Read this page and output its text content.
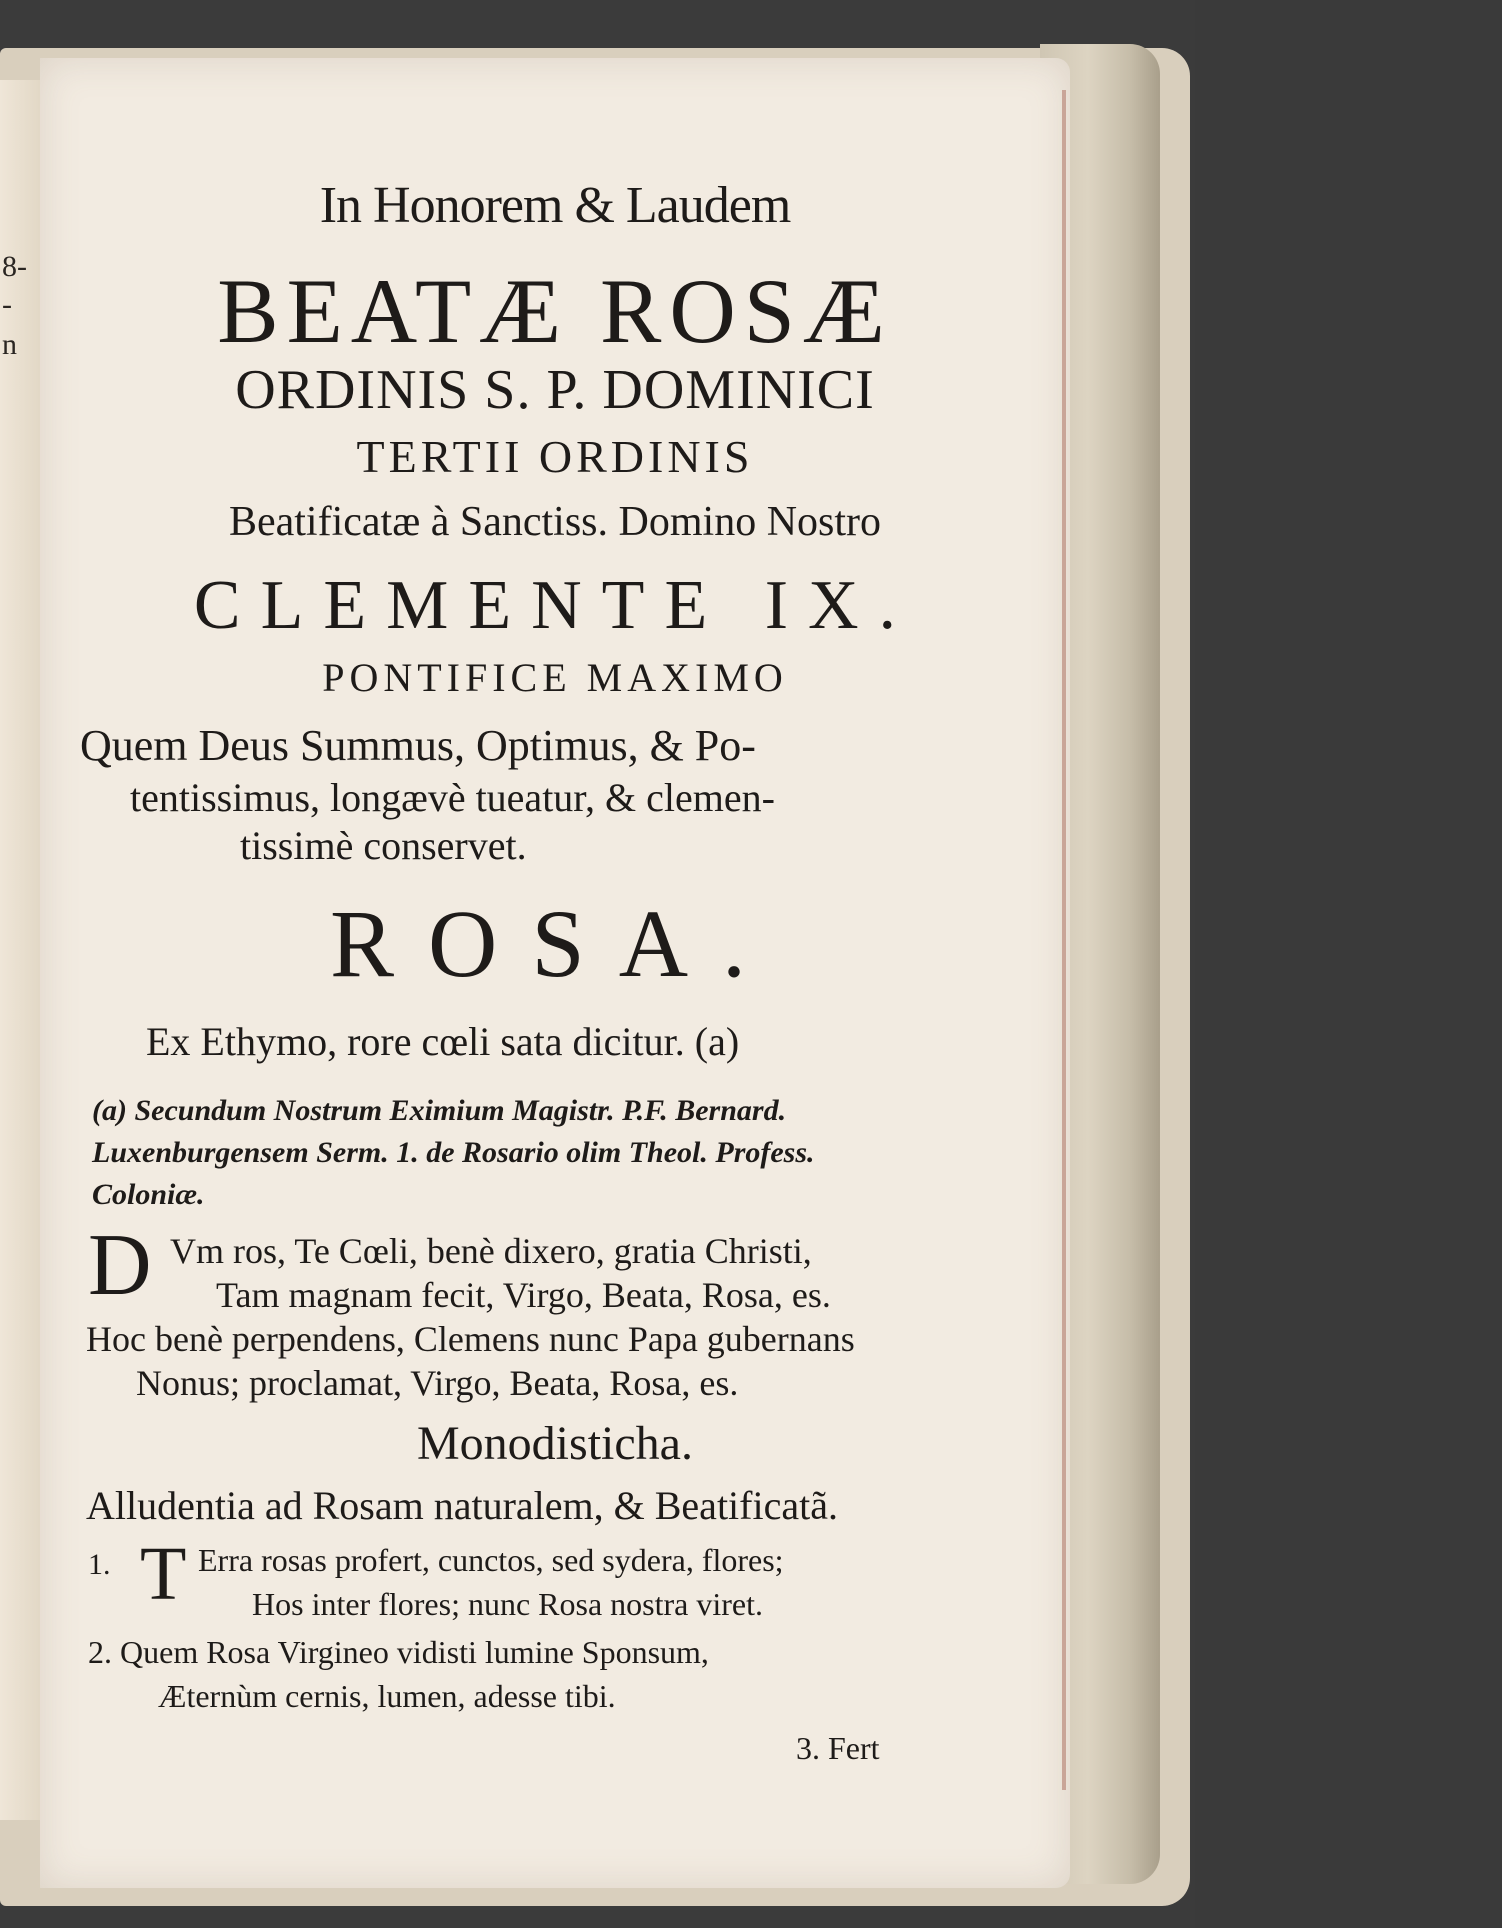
8-
-
n
In Honorem & Laudem
BEATÆ ROSÆ
ORDINIS S. P. DOMINICI
TERTII ORDINIS
Beatificatæ à Sanctiss. Domino Nostro
CLEMENTE IX.
PONTIFICE MAXIMO
Quem Deus Summus, Optimus, & Po-
tentissimus, longævè tueatur, & clemen-
tissimè conservet.
ROSA.
Ex Ethymo, rore cœli sata dicitur. (a)
(a) Secundum Nostrum Eximium Magistr. P.F. Bernard.
Luxenburgensem Serm. 1. de Rosario olim Theol. Profess.
Coloniæ.
D Vm ros, Te Cœli, benè dixero, gratia Christi,
Tam magnam fecit, Virgo, Beata, Rosa, es.
Hoc benè perpendens, Clemens nunc Papa gubernans
Nonus; proclamat, Virgo, Beata, Rosa, es.
Monodisticha.
Alludentia ad Rosam naturalem, & Beatificatã.
1. T Erra rosas profert, cunctos, sed sydera, flores;
Hos inter flores; nunc Rosa nostra viret.
2. Quem Rosa Virgineo vidisti lumine Sponsum,
Æternùm cernis, lumen, adesse tibi.
3. Fert
